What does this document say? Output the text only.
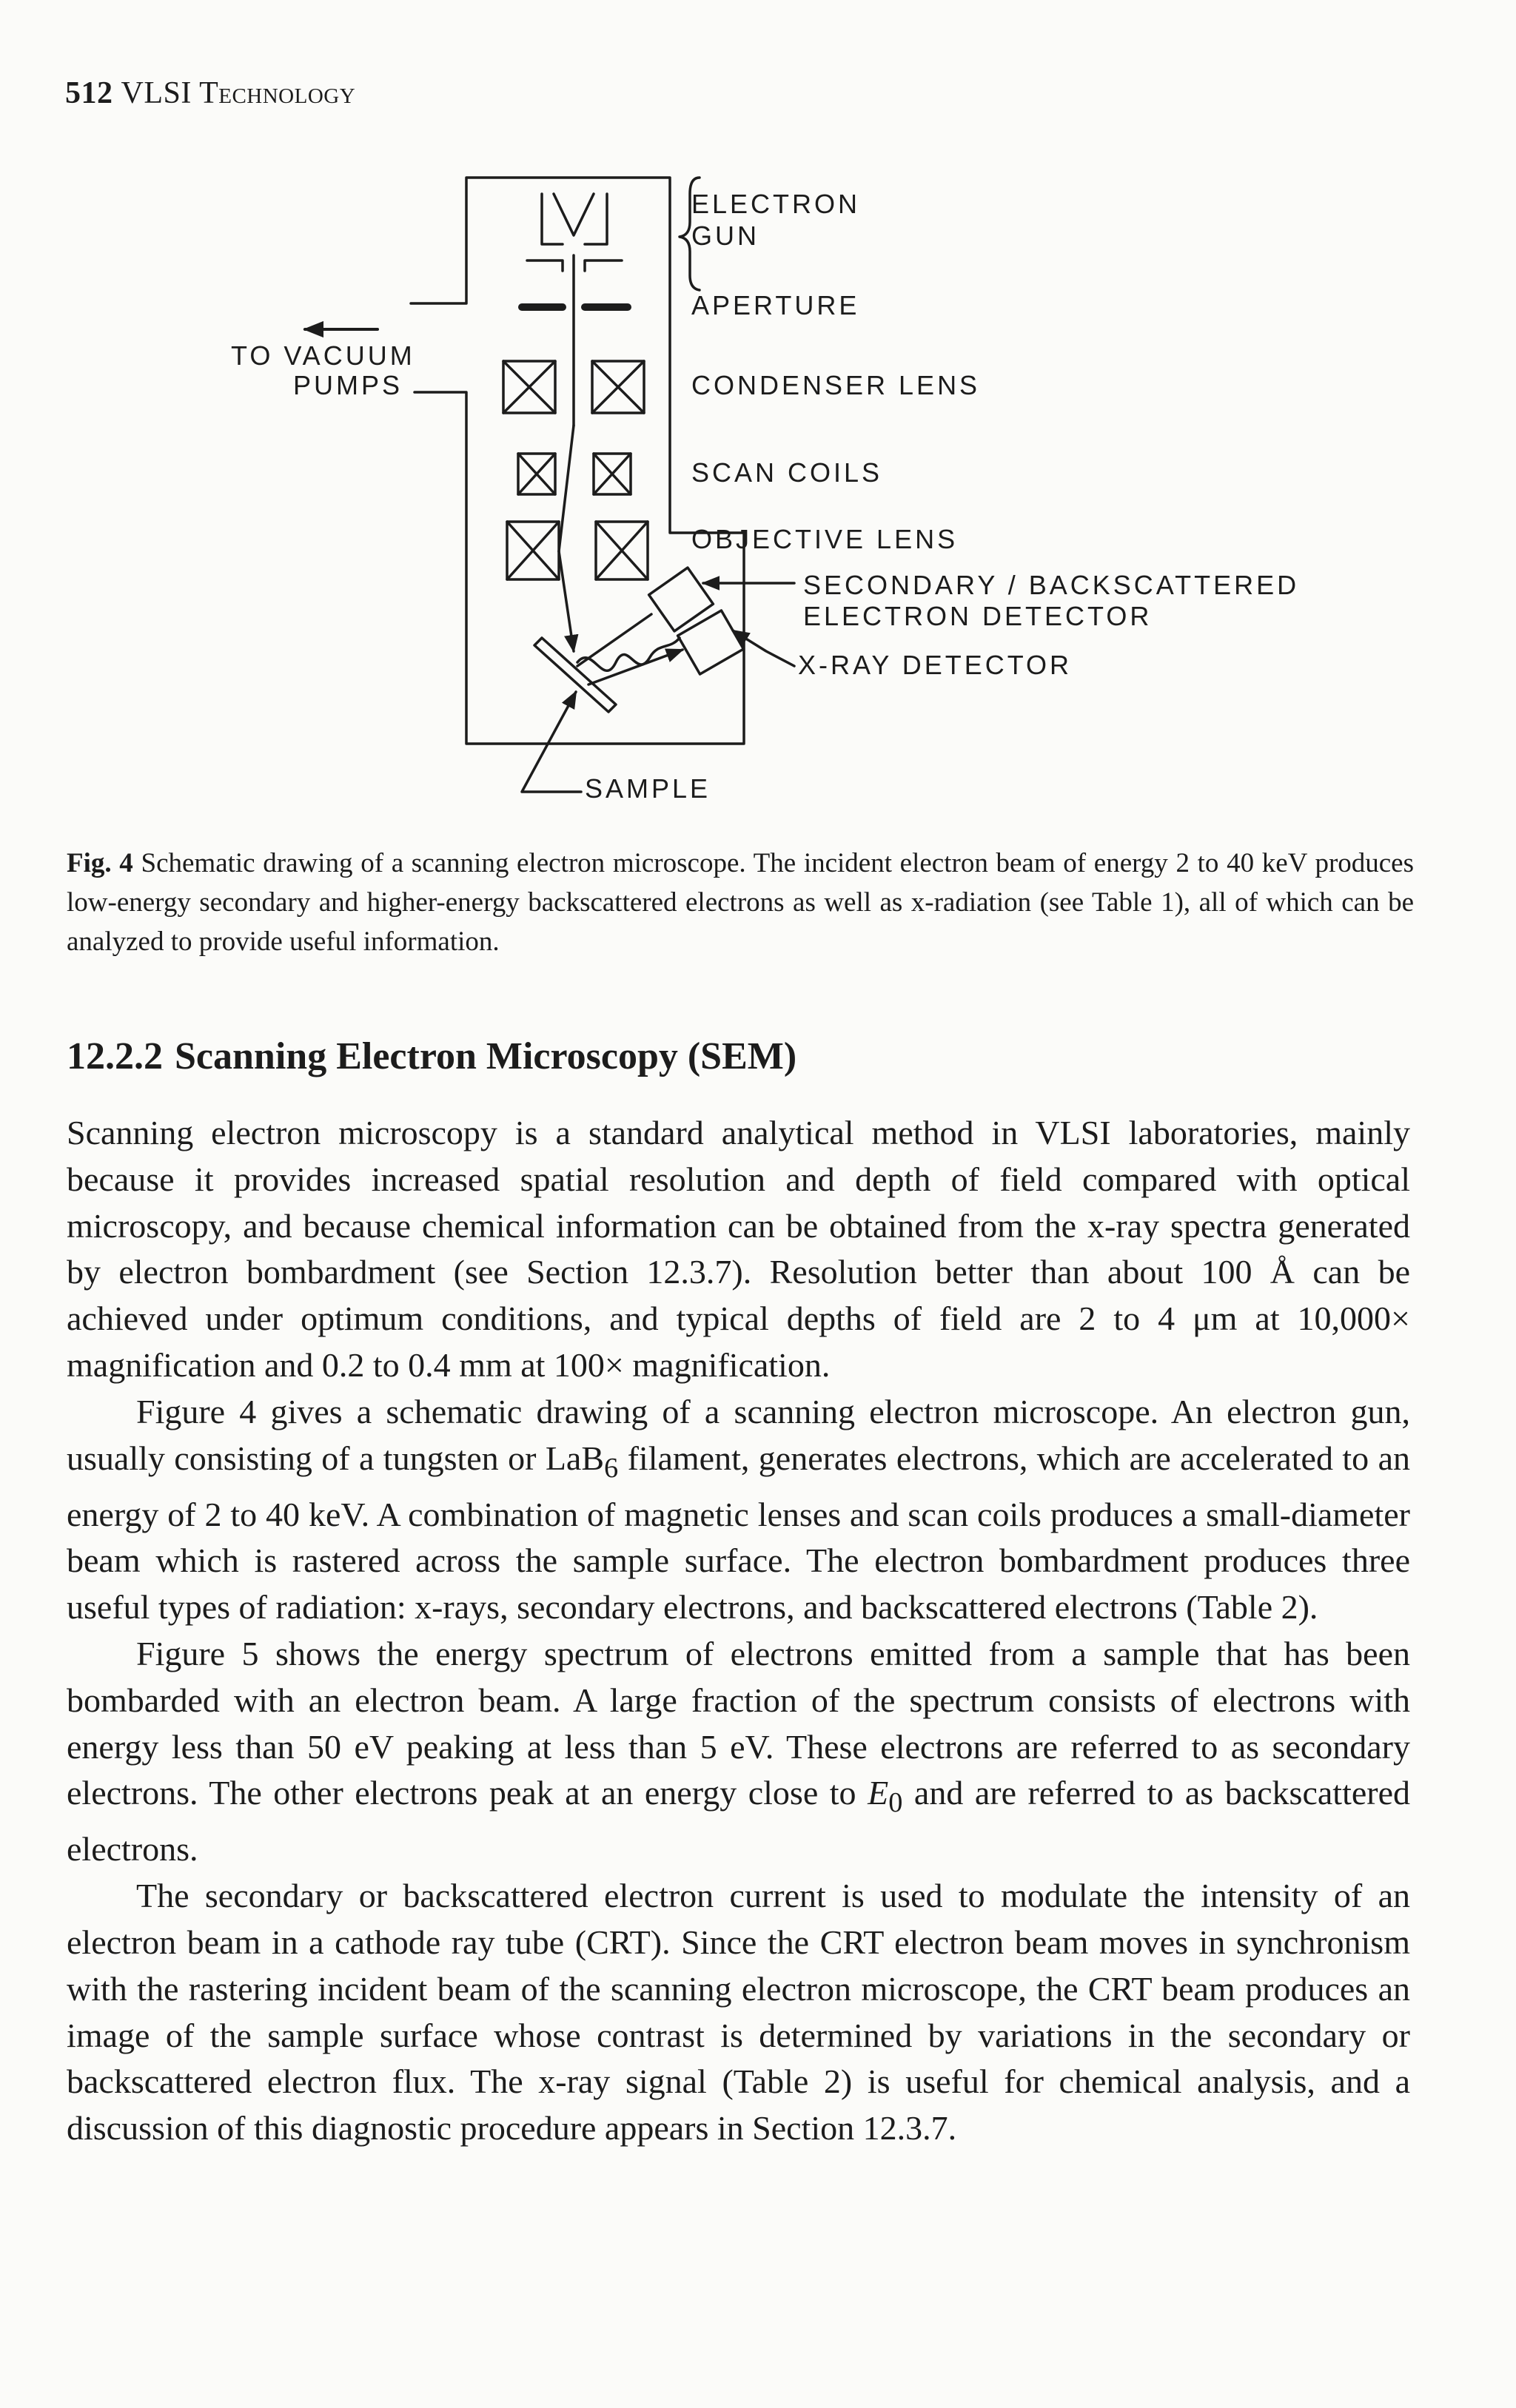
512 VLSI Technology
ELECTRON
GUN
APERTURE
TO VACUUM
PUMPS	CONDENSER LENS
SCAN COILS
OBJECTIVE LENS
SECONDARY / BACKSCATTERED
ELECTRON DETECTOR
X-RAY DETECTOR
SAMPLE
Fig. 4 Schematic drawing of a scanning electron microscope. The incident electron beam of energy 2 to 40 keV produces low-energy secondary and higher-energy backscattered electrons as well as x-radiation (see Table 1), all of which can be analyzed to provide useful information.
12.2.2 Scanning Electron Microscopy (SEM)

Scanning electron microscopy is a standard analytical method in VLSI laboratories, mainly because it provides increased spatial resolution and depth of field compared with optical microscopy, and because chemical information can be obtained from the x-ray spectra generated by electron bombardment (see Section 12.3.7). Resolution better than about 100 Å can be achieved under optimum conditions, and typical depths of field are 2 to 4 μm at 10,000× magnification and 0.2 to 0.4 mm at 100× magnification.

Figure 4 gives a schematic drawing of a scanning electron microscope. An electron gun, usually consisting of a tungsten or LaB$_6$ filament, generates electrons, which are accelerated to an energy of 2 to 40 keV. A combination of magnetic lenses and scan coils produces a small-diameter beam which is rastered across the sample surface. The electron bombardment produces three useful types of radiation: x-rays, secondary electrons, and backscattered electrons (Table 2).

Figure 5 shows the energy spectrum of electrons emitted from a sample that has been bombarded with an electron beam. A large fraction of the spectrum consists of electrons with energy less than 50 eV peaking at less than 5 eV. These electrons are referred to as secondary electrons. The other electrons peak at an energy close to $E_0$ and are referred to as backscattered electrons.

The secondary or backscattered electron current is used to modulate the intensity of an electron beam in a cathode ray tube (CRT). Since the CRT electron beam moves in synchronism with the rastering incident beam of the scanning electron microscope, the CRT beam produces an image of the sample surface whose contrast is determined by variations in the secondary or backscattered electron flux. The x-ray signal (Table 2) is useful for chemical analysis, and a discussion of this diagnostic procedure appears in Section 12.3.7.
